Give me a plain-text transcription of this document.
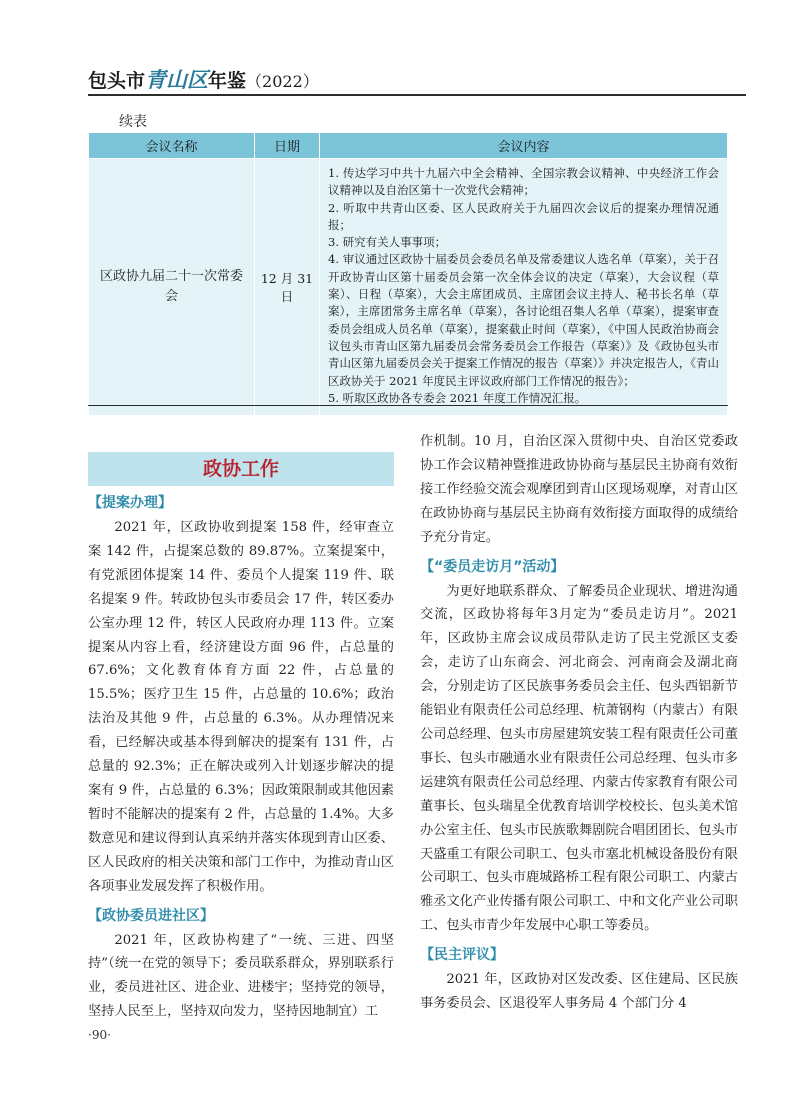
包头市青山区年鉴（2022）
续表
会议名称	日期	会议内容
区政协九届二十一次常委会	12 月 31 日	1. 传达学习中共十九届六中全会精神、全国宗教会议精神、中央经济工作会议精神以及自治区第十一次党代会精神；
2. 听取中共青山区委、区人民政府关于九届四次会议后的提案办理情况通报；
3. 研究有关人事事项；
4. 审议通过区政协十届委员会委员名单及常委建议人选名单（草案），关于召开政协青山区第十届委员会第一次全体会议的决定（草案），大会议程（草案）、日程（草案），大会主席团成员、主席团会议主持人、秘书长名单（草案），主席团常务主席名单（草案），各讨论组召集人名单（草案），提案审查委员会组成人员名单（草案），提案截止时间（草案），《中国人民政治协商会议包头市青山区第九届委员会常务委员会工作报告（草案）》及《政协包头市青山区第九届委员会关于提案工作情况的报告（草案）》并决定报告人，《青山区政协关于 2021 年度民主评议政府部门工作情况的报告》；
5. 听取区政协各专委会 2021 年度工作情况汇报。
政协工作
【提案办理】

2021 年，区政协收到提案 158 件，经审查立案 142 件，占提案总数的 89.87%。立案提案中，有党派团体提案 14 件、委员个人提案 119 件、联名提案 9 件。转政协包头市委员会 17 件，转区委办公室办理 12 件，转区人民政府办理 113 件。立案提案从内容上看，经济建设方面 96 件，占总量的 67.6%；文化教育体育方面 22 件，占总量的 15.5%；医疗卫生 15 件，占总量的 10.6%；政治法治及其他 9 件，占总量的 6.3%。从办理情况来看，已经解决或基本得到解决的提案有 131 件，占总量的 92.3%；正在解决或列入计划逐步解决的提案有 9 件，占总量的 6.3%；因政策限制或其他因素暂时不能解决的提案有 2 件，占总量的 1.4%。大多数意见和建议得到认真采纳并落实体现到青山区委、区人民政府的相关决策和部门工作中，为推动青山区各项事业发展发挥了积极作用。

【政协委员进社区】

2021 年，区政协构建了“一统、三进、四坚持”（统一在党的领导下；委员联系群众，界别联系行业，委员进社区、进企业、进楼宇；坚持党的领导，坚持人民至上，坚持双向发力，坚持因地制宜）工

作机制。10 月，自治区深入贯彻中央、自治区党委政协工作会议精神暨推进政协协商与基层民主协商有效衔接工作经验交流会观摩团到青山区现场观摩，对青山区在政协协商与基层民主协商有效衔接方面取得的成绩给予充分肯定。

【“委员走访月”活动】

为更好地联系群众、了解委员企业现状、增进沟通交流，区政协将每年3月定为“委员走访月”。2021年，区政协主席会议成员带队走访了民主党派区支委会，走访了山东商会、河北商会、河南商会及湖北商会，分别走访了区民族事务委员会主任、包头西铝新节能铝业有限责任公司总经理、杭萧钢构（内蒙古）有限公司总经理、包头市房屋建筑安装工程有限责任公司董事长、包头市融通水业有限责任公司总经理、包头市多运建筑有限责任公司总经理、内蒙古传家教育有限公司董事长、包头瑞星全优教育培训学校校长、包头美术馆办公室主任、包头市民族歌舞剧院合唱团团长、包头市天盛重工有限公司职工、包头市塞北机械设备股份有限公司职工、包头市鹿城路桥工程有限公司职工、内蒙古雅丞文化产业传播有限公司职工、中和文化产业公司职工、包头市青少年发展中心职工等委员。

【民主评议】

2021 年，区政协对区发改委、区住建局、区民族事务委员会、区退役军人事务局 4 个部门分 4

·90·
